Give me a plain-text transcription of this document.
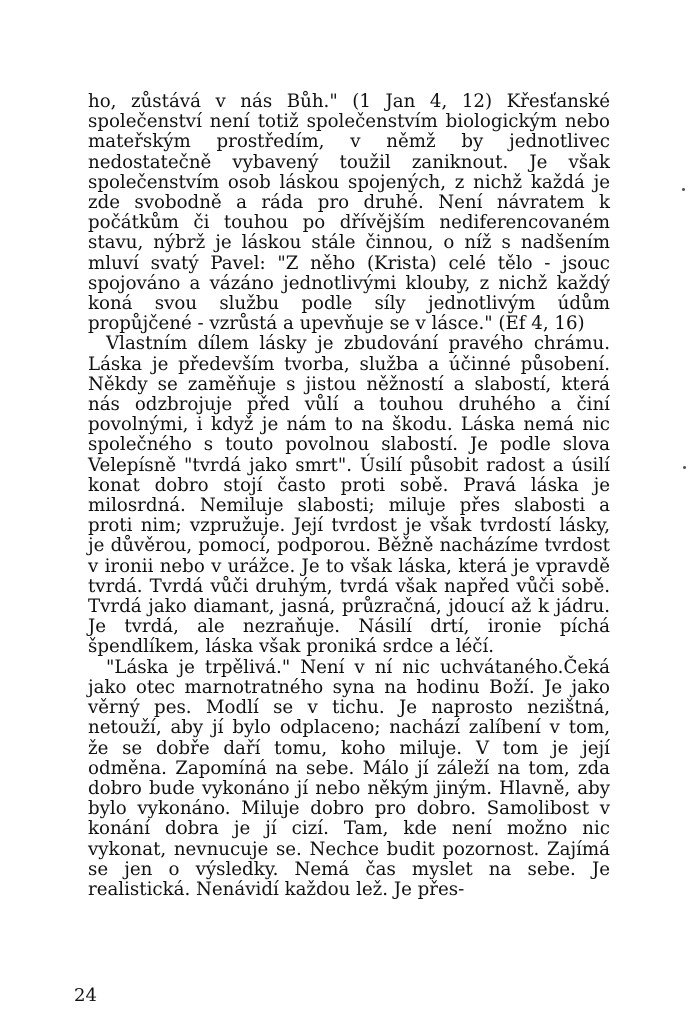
ho, zůstává v nás Bůh." (1 Jan 4, 12) Křesťanské společenství není totiž společenstvím biologickým nebo mateřským prostředím, v němž by jednotlivec nedostatečně vybavený toužil zaniknout. Je však společenstvím osob láskou spojených, z nichž každá je zde svobodně a ráda pro druhé. Není návratem k počátkům či touhou po dřívějším nediferencovaném stavu, nýbrž je láskou stále činnou, o níž s nadšením mluví svatý Pavel: "Z něho (Krista) celé tělo - jsouc spojováno a vázáno jednotlivými klouby, z nichž každý koná svou službu podle síly jednotlivým údům propůjčené - vzrůstá a upevňuje se v lásce." (Ef 4, 16)

Vlastním dílem lásky je zbudování pravého chrámu. Láska je především tvorba, služba a účinné působení. Někdy se zaměňuje s jistou něžností a slabostí, která nás odzbrojuje před vůlí a touhou druhého a činí povolnými, i když je nám to na škodu. Láska nemá nic společného s touto povolnou slabostí. Je podle slova Velepísně "tvrdá jako smrt". Úsilí působit radost a úsilí konat dobro stojí často proti sobě. Pravá láska je milosrdná. Nemiluje slabosti; miluje přes slabosti a proti nim; vzpružuje. Její tvrdost je však tvrdostí lásky, je důvěrou, pomocí, podporou. Běžně nacházíme tvrdost v ironii nebo v urážce. Je to však láska, která je vpravdě tvrdá. Tvrdá vůči druhým, tvrdá však napřed vůči sobě. Tvrdá jako diamant, jasná, průzračná, jdoucí až k jádru. Je tvrdá, ale nezraňuje. Násilí drtí, ironie píchá špendlíkem, láska však proniká srdce a léčí.

"Láska je trpělivá." Není v ní nic uchvátaného.Čeká jako otec marnotratného syna na hodinu Boží. Je jako věrný pes. Modlí se v tichu. Je naprosto nezištná, netouží, aby jí bylo odplaceno; nachází zalíbení v tom, že se dobře daří tomu, koho miluje. V tom je její odměna. Zapomíná na sebe. Málo jí záleží na tom, zda dobro bude vykonáno jí nebo někým jiným. Hlavně, aby bylo vykonáno. Miluje dobro pro dobro. Samolibost v konání dobra je jí cizí. Tam, kde není možno nic vykonat, nevnucuje se. Nechce budit pozornost. Zajímá se jen o výsledky. Nemá čas myslet na sebe. Je realistická. Nenávidí každou lež. Je přes-

24
